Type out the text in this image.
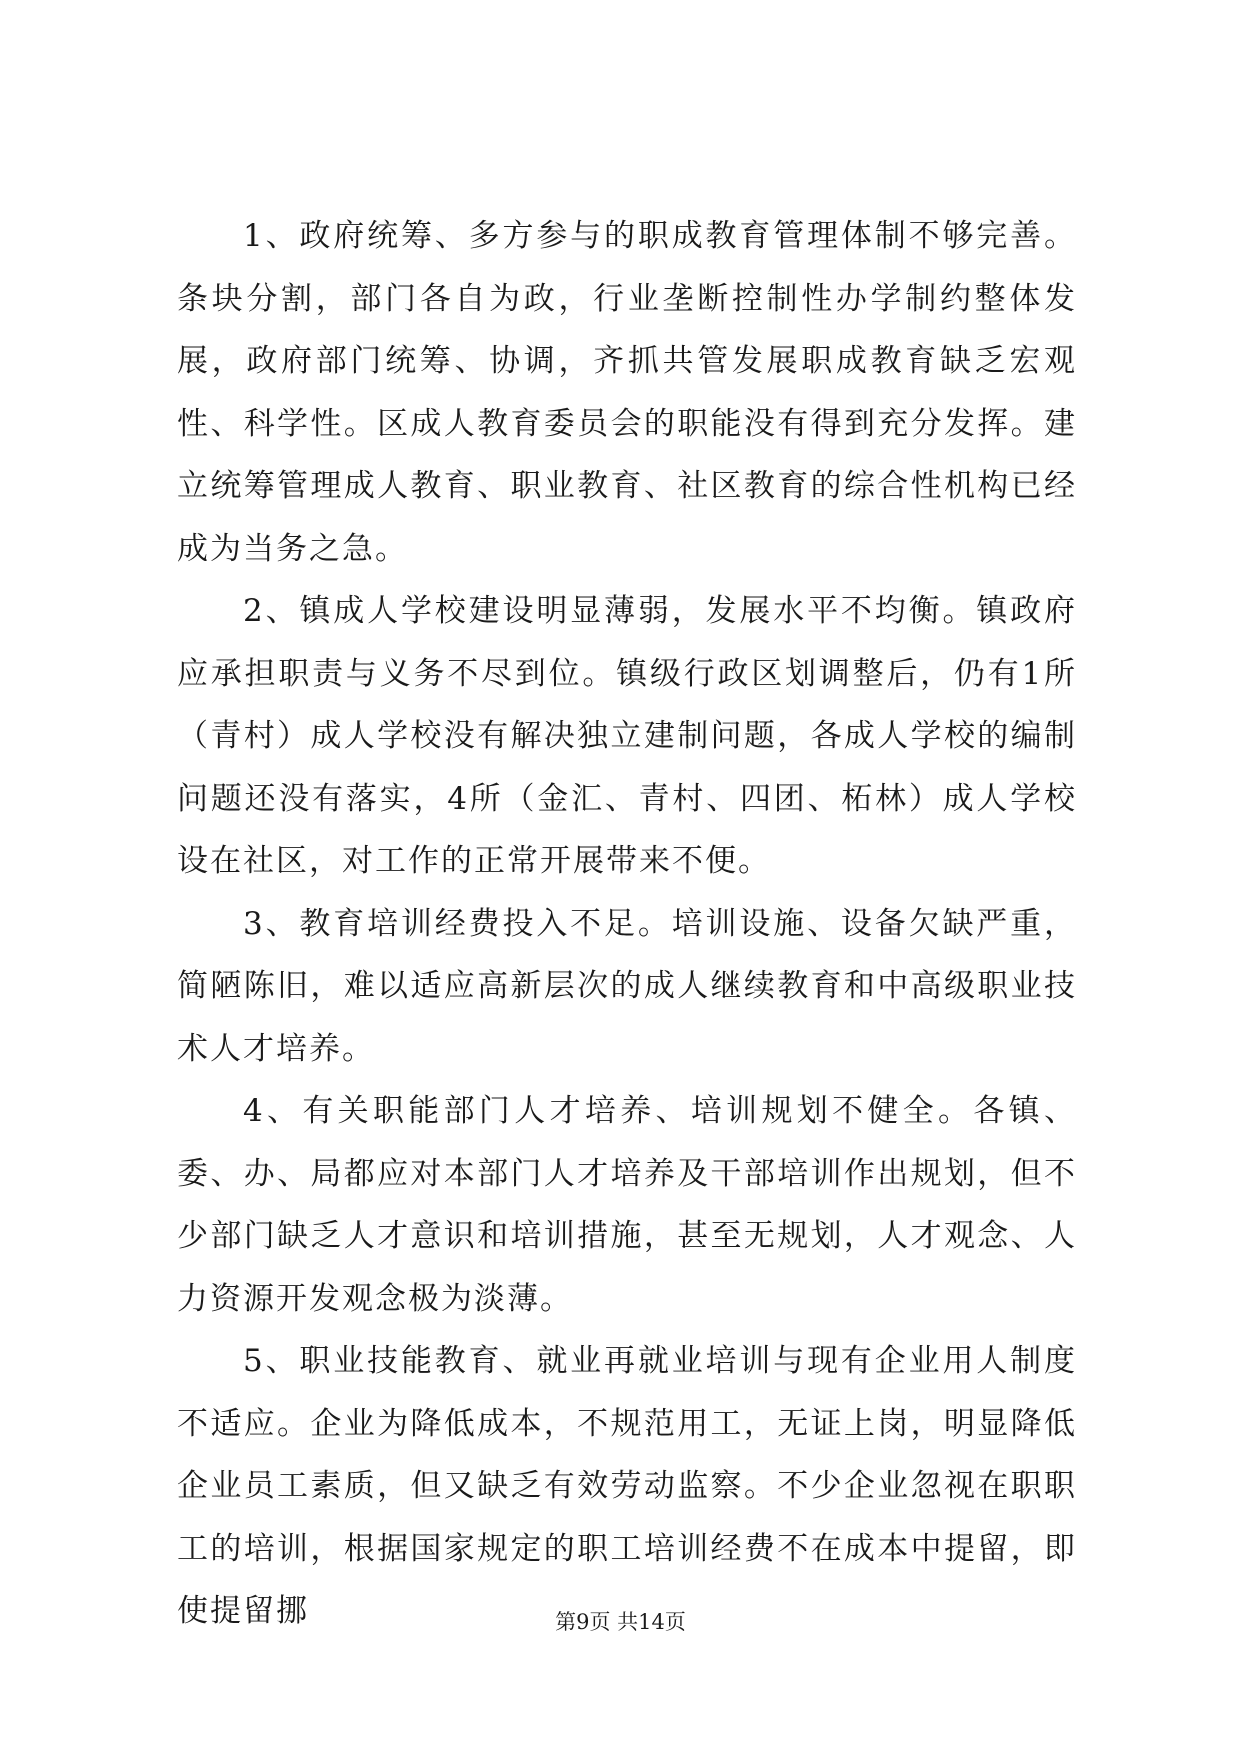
1、政府统筹、多方参与的职成教育管理体制不够完善。条块分割，部门各自为政，行业垄断控制性办学制约整体发展，政府部门统筹、协调，齐抓共管发展职成教育缺乏宏观性、科学性。区成人教育委员会的职能没有得到充分发挥。建立统筹管理成人教育、职业教育、社区教育的综合性机构已经成为当务之急。

2、镇成人学校建设明显薄弱，发展水平不均衡。镇政府应承担职责与义务不尽到位。镇级行政区划调整后，仍有1所（青村）成人学校没有解决独立建制问题，各成人学校的编制问题还没有落实，4所（金汇、青村、四团、柘林）成人学校设在社区，对工作的正常开展带来不便。

3、教育培训经费投入不足。培训设施、设备欠缺严重，简陋陈旧，难以适应高新层次的成人继续教育和中高级职业技术人才培养。

4、有关职能部门人才培养、培训规划不健全。各镇、委、办、局都应对本部门人才培养及干部培训作出规划，但不少部门缺乏人才意识和培训措施，甚至无规划，人才观念、人力资源开发观念极为淡薄。

5、职业技能教育、就业再就业培训与现有企业用人制度不适应。企业为降低成本，不规范用工，无证上岗，明显降低企业员工素质，但又缺乏有效劳动监察。不少企业忽视在职职工的培训，根据国家规定的职工培训经费不在成本中提留，即使提留挪	第9页 共14页
